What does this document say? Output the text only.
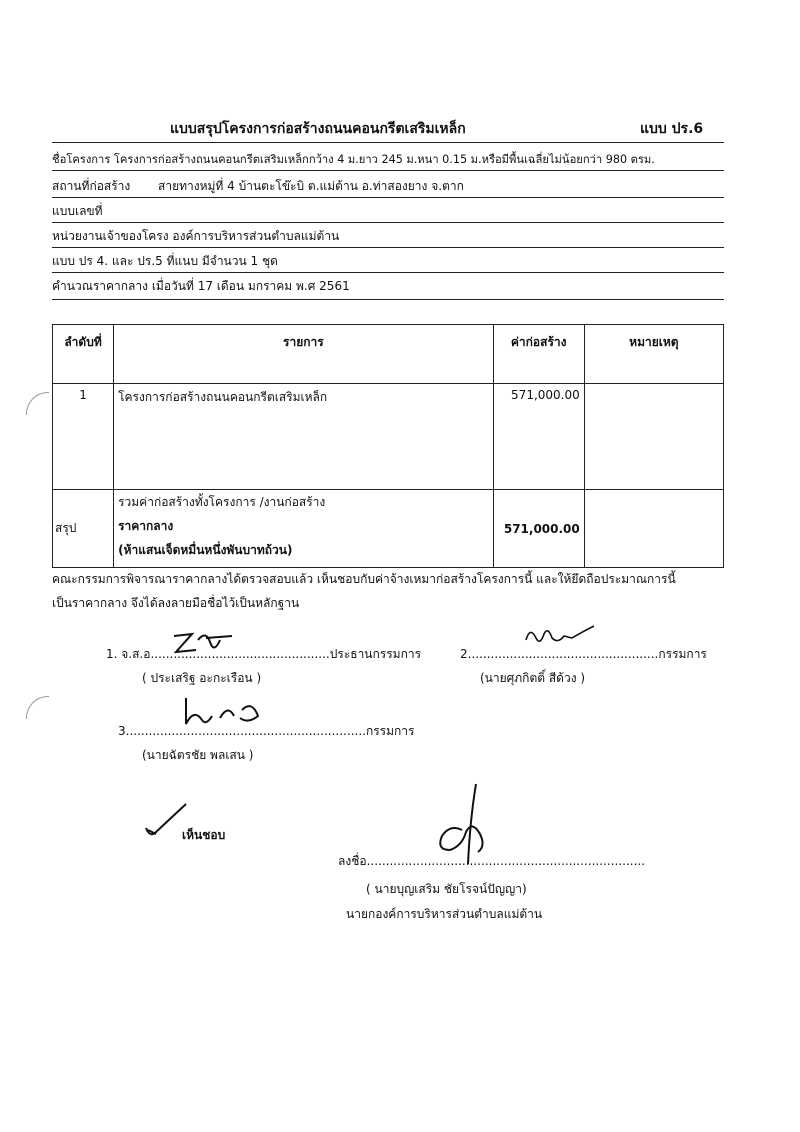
แบบสรุปโครงการก่อสร้างถนนคอนกรีตเสริมเหล็ก	แบบ ปร.6
ชื่อโครงการ โครงการก่อสร้างถนนคอนกรีตเสริมเหล็กกว้าง 4 ม.ยาว 245 ม.หนา 0.15 ม.หรือมีพื้นเฉลี่ยไม่น้อยกว่า 980 ตรม.
สถานที่ก่อสร้าง สายทางหมู่ที่ 4 บ้านตะโข๊ะบิ ต.แม่ต้าน อ.ท่าสองยาง จ.ตาก
แบบเลขที่
หน่วยงานเจ้าของโครง องค์การบริหารส่วนตำบลแม่ต้าน
แบบ ปร 4. และ ปร.5 ที่แนบ มีจำนวน 1 ชุด
คำนวณราคากลาง เมื่อวันที่ 17 เดือน มกราคม พ.ศ 2561
ลำดับที่	รายการ	ค่าก่อสร้าง	หมายเหตุ
1	โครงการก่อสร้างถนนคอนกรีตเสริมเหล็ก	571,000.00	
สรุป	รวมค่าก่อสร้างทั้งโครงการ /งานก่อสร้าง
ราคากลาง
(ห้าแสนเจ็ดหมื่นหนึ่งพันบาทถ้วน)	571,000.00	
คณะกรรมการพิจารณาราคากลางได้ตรวจสอบแล้ว เห็นชอบกับค่าจ้างเหมาก่อสร้างโครงการนี้ และให้ยึดถือประมาณการนี้
เป็นราคากลาง จึงได้ลงลายมือชื่อไว้เป็นหลักฐาน
1. จ.ส.อ...............................................ประธานกรรมการ
( ประเสริฐ อะกะเรือน )
2..................................................กรรมการ
(นายศุภกิตติ์ สีด้วง )
3...............................................................กรรมการ
(นายฉัตรชัย พลเสน )
เห็นชอบ
ลงชื่อ.........................................................................
( นายบุญเสริม ชัยโรจน์ปัญญา)
นายกองค์การบริหารส่วนตำบลแม่ต้าน
